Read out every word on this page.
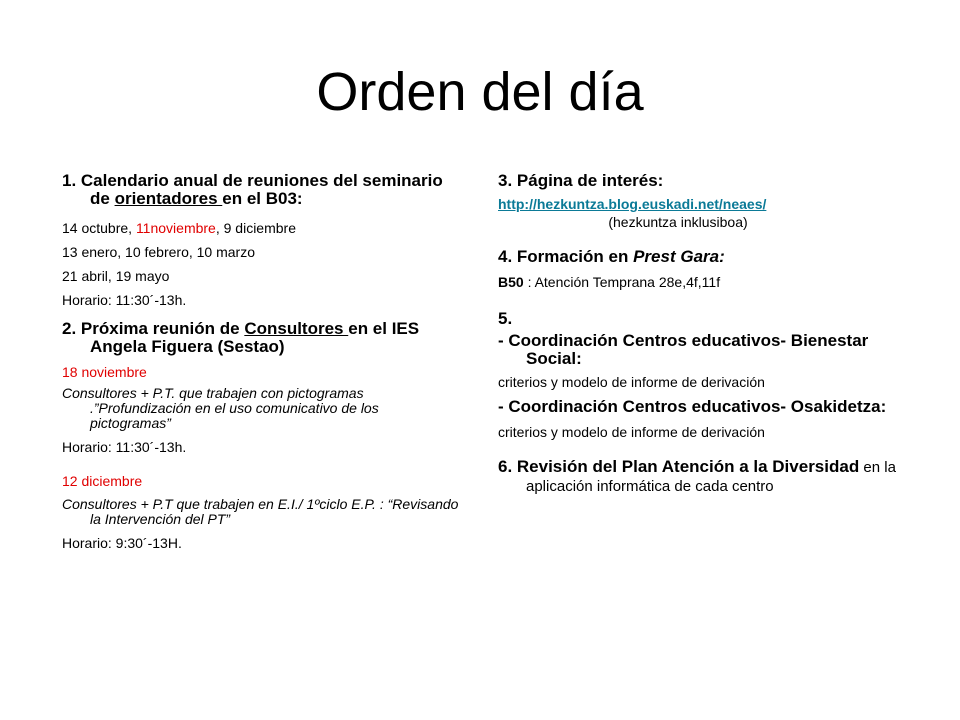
Orden del día

1. Calendario anual de reuniones del seminario de orientadores en el B03:

14 octubre, 11noviembre, 9 diciembre

13 enero, 10 febrero, 10 marzo

21 abril, 19 mayo

Horario: 11:30´-13h.

2. Próxima reunión de Consultores en el IES Angela Figuera (Sestao)

18 noviembre

Consultores + P.T. que trabajen con pictogramas .”Profundización en el uso comunicativo de los pictogramas”

Horario: 11:30´-13h.

12 diciembre

Consultores + P.T que trabajen en E.I./ 1ºciclo E.P. : “Revisando la Intervención del PT”

Horario: 9:30´-13H.

3. Página de interés:

http://hezkuntza.blog.euskadi.net/neaes/

(hezkuntza inklusiboa)

4. Formación en Prest Gara:

B50 : Atención Temprana 28e,4f,11f

5.

- Coordinación Centros educativos- Bienestar Social:

criterios y modelo de informe de derivación

- Coordinación Centros educativos- Osakidetza:

criterios y modelo de informe de derivación

6. Revisión del Plan Atención a la Diversidad en la aplicación informática de cada centro
